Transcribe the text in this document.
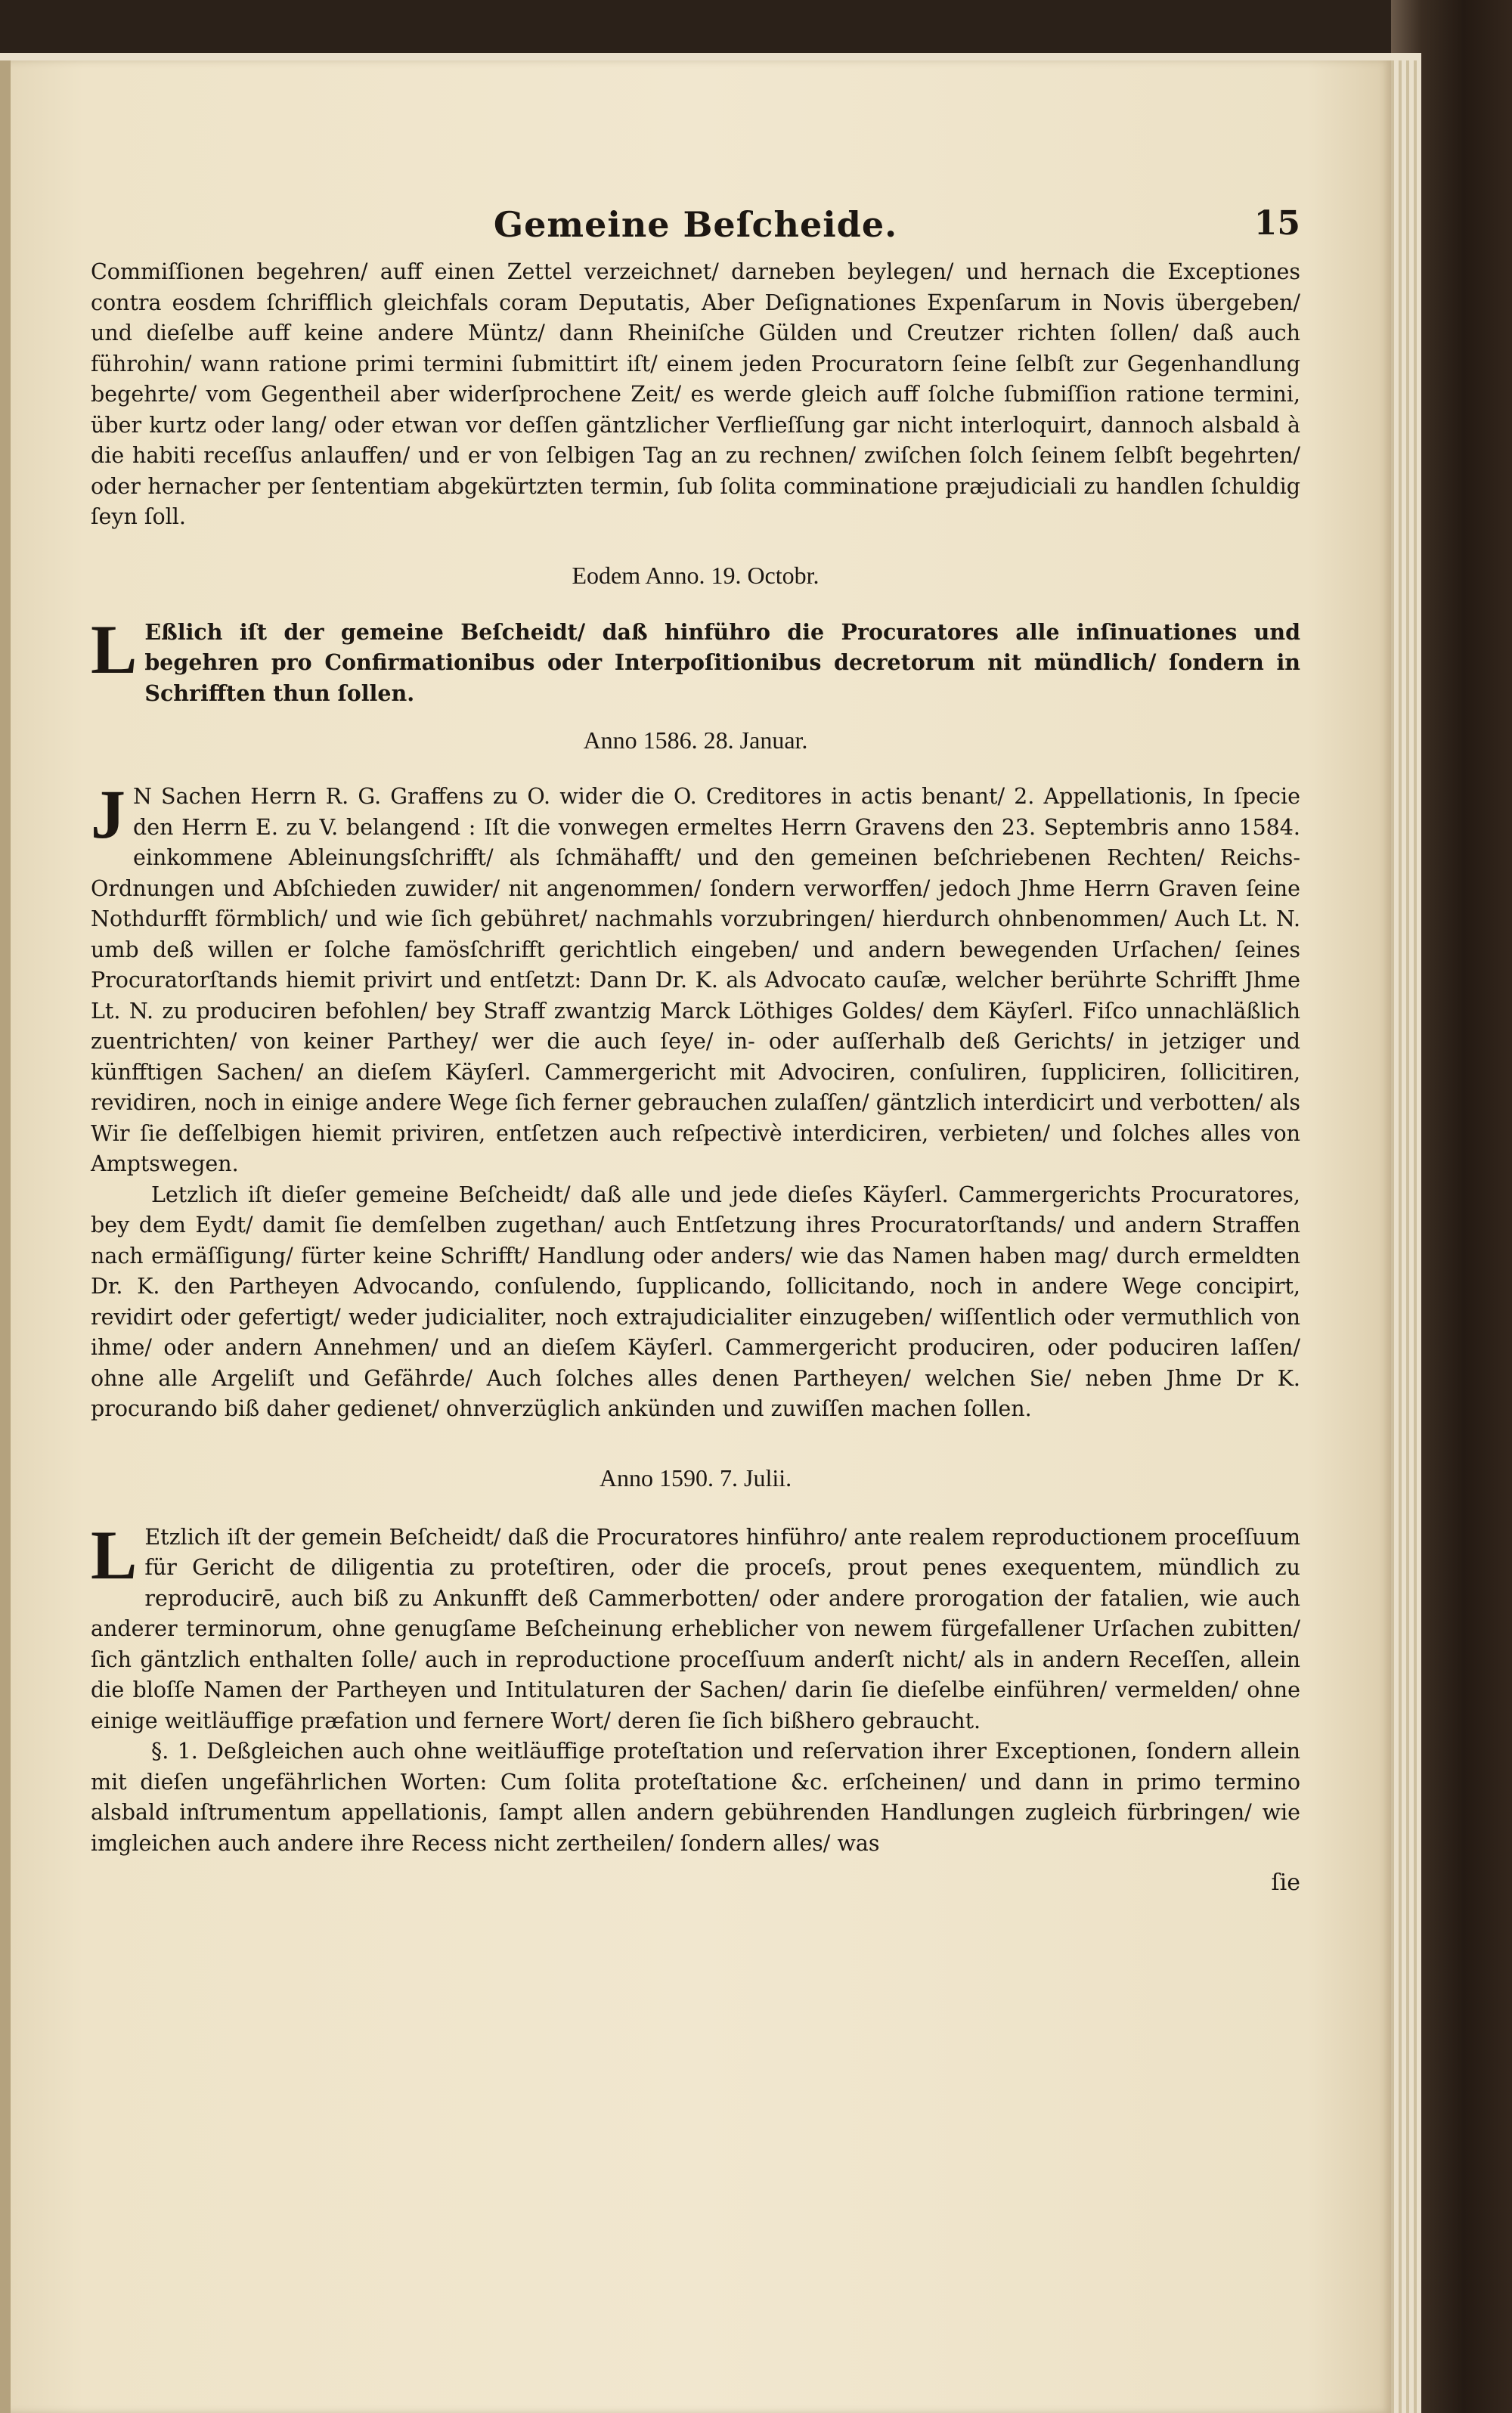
Gemeine Beſcheide.	15

Commiſſionen begehren/ auff einen Zettel verzeichnet/ darneben beylegen/ und hernach die Exceptiones contra eosdem ſchrifflich gleichfals coram Deputatis, Aber Deſignationes Expenſarum in Novis übergeben/ und dieſelbe auff keine andere Müntz/ dann Rheiniſche Gülden und Creutzer richten ſollen/ daß auch führohin/ wann ratione primi termini ſubmittirt iſt/ einem jeden Procuratorn ſeine ſelbſt zur Gegenhandlung begehrte/ vom Gegentheil aber widerſprochene Zeit/ es werde gleich auff ſolche ſubmiſſion ratione termini, über kurtz oder lang/ oder etwan vor deſſen gäntzlicher Verflieſſung gar nicht interloquirt, dannoch alsbald à die habiti receſſus anlauffen/ und er von ſelbigen Tag an zu rechnen/ zwiſchen ſolch ſeinem ſelbſt begehrten/ oder hernacher per ſententiam abgekürtzten termin, ſub ſolita comminatione præjudiciali zu handlen ſchuldig ſeyn ſoll.

Eodem Anno. 19. Octobr.
L Eßlich iſt der gemeine Beſcheidt/ daß hinführo die Procuratores alle inſinuationes und begehren pro Confirmationibus oder Interpoſitionibus decretorum nit mündlich/ ſondern in Schrifften thun ſollen.

Anno 1586. 28. Januar.
J N Sachen Herrn R. G. Graffens zu O. wider die O. Creditores in actis benant/ 2. Appellationis, In ſpecie den Herrn E. zu V. belangend : Iſt die vonwegen ermeltes Herrn Gravens den 23. Septembris anno 1584. einkommene Ableinungsſchrifft/ als ſchmähafft/ und den gemeinen beſchriebenen Rechten/ Reichs-Ordnungen und Abſchieden zuwider/ nit angenommen/ ſondern verworffen/ jedoch Jhme Herrn Graven ſeine Nothdurfft förmblich/ und wie ſich gebühret/ nachmahls vorzubringen/ hierdurch ohnbenommen/ Auch Lt. N. umb deß willen er ſolche famösſchrifft gerichtlich eingeben/ und andern bewegenden Urſachen/ ſeines Procuratorſtands hiemit privirt und entſetzt: Dann Dr. K. als Advocato cauſæ, welcher berührte Schrifft Jhme Lt. N. zu produciren befohlen/ bey Straff zwantzig Marck Löthiges Goldes/ dem Käyſerl. Fiſco unnachläßlich zuentrichten/ von keiner Parthey/ wer die auch ſeye/ in- oder auſſerhalb deß Gerichts/ in jetziger und künfftigen Sachen/ an dieſem Käyſerl. Cammergericht mit Advociren, conſuliren, ſuppliciren, ſollicitiren, revidiren, noch in einige andere Wege ſich ferner gebrauchen zulaſſen/ gäntzlich interdicirt und verbotten/ als Wir ſie deſſelbigen hiemit priviren, entſetzen auch reſpectivè interdiciren, verbieten/ und ſolches alles von Amptswegen.

Letzlich iſt dieſer gemeine Beſcheidt/ daß alle und jede dieſes Käyſerl. Cammergerichts Procuratores, bey dem Eydt/ damit ſie demſelben zugethan/ auch Entſetzung ihres Procuratorſtands/ und andern Straffen nach ermäſſigung/ fürter keine Schrifft/ Handlung oder anders/ wie das Namen haben mag/ durch ermeldten Dr. K. den Partheyen Advocando, conſulendo, ſupplicando, ſollicitando, noch in andere Wege concipirt, revidirt oder gefertigt/ weder judicialiter, noch extrajudicialiter einzugeben/ wiſſentlich oder vermuthlich von ihme/ oder andern Annehmen/ und an dieſem Käyſerl. Cammergericht produciren, oder poduciren laſſen/ ohne alle Argeliſt und Gefährde/ Auch ſolches alles denen Partheyen/ welchen Sie/ neben Jhme Dr K. procurando biß daher gedienet/ ohnverzüglich ankünden und zuwiſſen machen ſollen.

Anno 1590. 7. Julii.
L Etzlich iſt der gemein Beſcheidt/ daß die Procuratores hinführo/ ante realem reproductionem proceſſuum für Gericht de diligentia zu proteſtiren, oder die proceſs, prout penes exequentem, mündlich zu reproducirē, auch biß zu Ankunfft deß Cammerbotten/ oder andere prorogation der fatalien, wie auch anderer terminorum, ohne genugſame Beſcheinung erheblicher von newem fürgefallener Urſachen zubitten/ ſich gäntzlich enthalten ſolle/ auch in reproductione proceſſuum anderſt nicht/ als in andern Receſſen, allein die bloſſe Namen der Partheyen und Intitulaturen der Sachen/ darin ſie dieſelbe einführen/ vermelden/ ohne einige weitläuffige præfation und fernere Wort/ deren ſie ſich bißhero gebraucht.

§. 1. Deßgleichen auch ohne weitläuffige proteſtation und reſervation ihrer Exceptionen, ſondern allein mit dieſen ungefährlichen Worten: Cum ſolita proteſtatione &c. erſcheinen/ und dann in primo termino alsbald inſtrumentum appellationis, ſampt allen andern gebührenden Handlungen zugleich fürbringen/ wie imgleichen auch andere ihre Recess nicht zertheilen/ ſondern alles/ was

ſie
